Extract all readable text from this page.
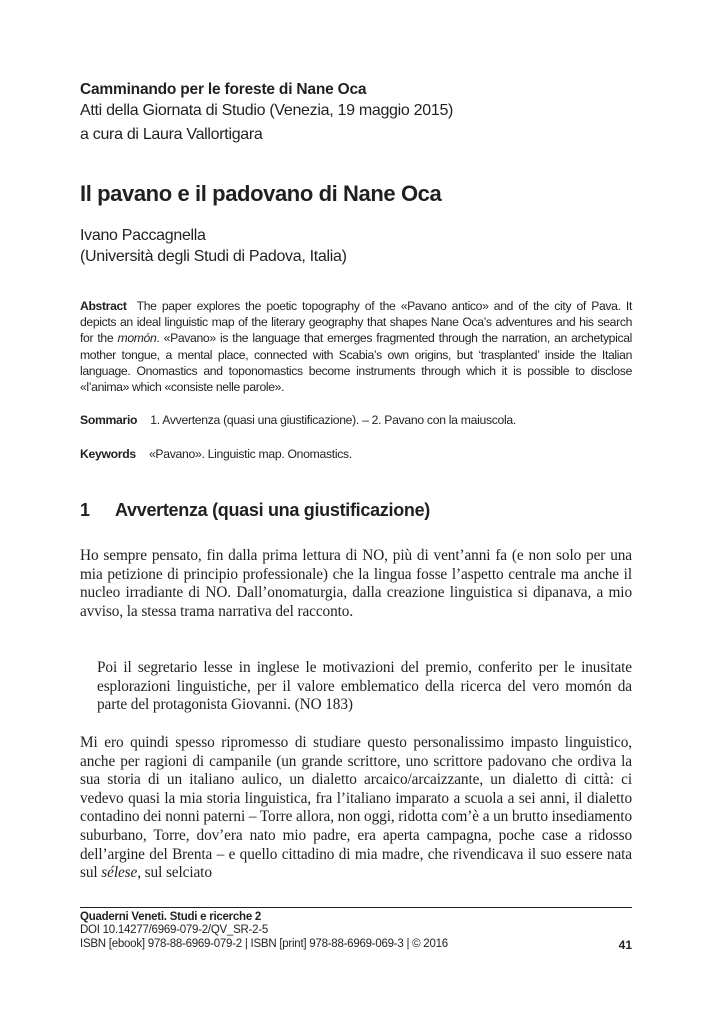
Camminando per le foreste di Nane Oca
Atti della Giornata di Studio (Venezia, 19 maggio 2015)
a cura di Laura Vallortigara
Il pavano e il padovano di Nane Oca
Ivano Paccagnella
(Università degli Studi di Padova, Italia)
Abstract The paper explores the poetic topography of the «Pavano antico» and of the city of Pava. It depicts an ideal linguistic map of the literary geography that shapes Nane Oca’s adventures and his search for the momón. «Pavano» is the language that emerges fragmented through the narration, an archetypical mother tongue, a mental place, connected with Scabia’s own origins, but ‘trasplanted’ inside the Italian language. Onomastics and toponomastics become instruments through which it is possible to disclose «l’anima» which «consiste nelle parole».
Sommario 1. Avvertenza (quasi una giustificazione). – 2. Pavano con la maiuscola.
Keywords «Pavano». Linguistic map. Onomastics.
1 Avvertenza (quasi una giustificazione)
Ho sempre pensato, fin dalla prima lettura di NO, più di vent’anni fa (e non solo per una mia petizione di principio professionale) che la lingua fosse l’aspetto centrale ma anche il nucleo irradiante di NO. Dall’onomaturgia, dalla creazione linguistica si dipanava, a mio avviso, la stessa trama narrativa del racconto.
Poi il segretario lesse in inglese le motivazioni del premio, conferito per le inusitate esplorazioni linguistiche, per il valore emblematico della ricerca del vero momón da parte del protagonista Giovanni. (NO 183)
Mi ero quindi spesso ripromesso di studiare questo personalissimo impasto linguistico, anche per ragioni di campanile (un grande scrittore, uno scrittore padovano che ordiva la sua storia di un italiano aulico, un dialetto arcaico/arcaizzante, un dialetto di città: ci vedevo quasi la mia storia linguistica, fra l’italiano imparato a scuola a sei anni, il dialetto contadino dei nonni paterni – Torre allora, non oggi, ridotta com’è a un brutto insediamento suburbano, Torre, dov’era nato mio padre, era aperta campagna, poche case a ridosso dell’argine del Brenta – e quello cittadino di mia madre, che rivendicava il suo essere nata sul sélese, sul selciato
Quaderni Veneti. Studi e ricerche 2
DOI 10.14277/6969-079-2/QV_SR-2-5
ISBN [ebook] 978-88-6969-079-2 | ISBN [print] 978-88-6969-069-3 | © 2016	41
